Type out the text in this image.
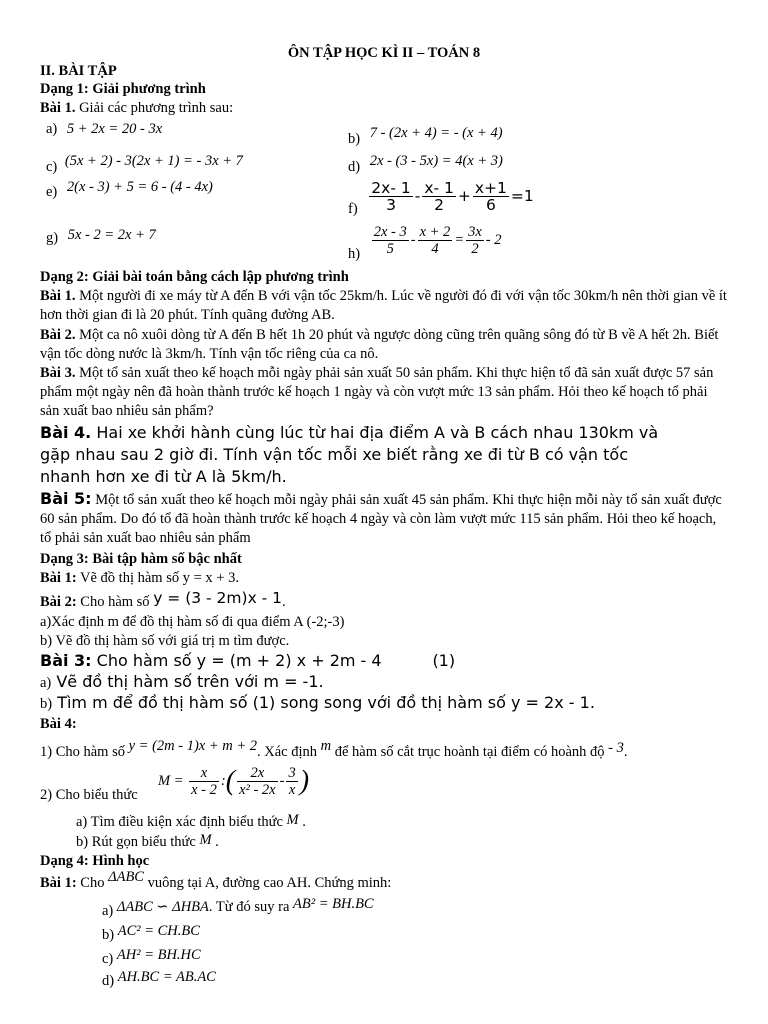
ÔN TẬP HỌC KÌ II – TOÁN 8
II. BÀI TẬP
Dạng 1: Giải phương trình
Bài 1. Giải các phương trình sau:
a) 5 + 2x = 20 - 3x
b) 7 - (2x + 4) = - (x + 4)
c) (5x + 2) - 3(2x + 1) = - 3x + 7	d) 2x - (3 - 5x) = 4(x + 3)
e) 2(x - 3) + 5 = 6 - (4 - 4x)
$f) \frac{2x- 1}{3} - \frac{x- 1}{2} + \frac{x+1}{6} =1$
g) 5x - 2 = 2x + 7
$h) \frac{2x - 3}{5} - \frac{x + 2}{4} = \frac{3x}{2} - 2$
Dạng 2: Giải bài toán bằng cách lập phương trình
Bài 1. Một người đi xe máy từ A đến B với vận tốc 25km/h. Lúc về người đó đi với vận tốc 30km/h nên thời gian về ít hơn thời gian đi là 20 phút. Tính quãng đường AB.
Bài 2. Một ca nô xuôi dòng từ A đến B hết 1h 20 phút và ngược dòng cũng trên quãng sông đó từ B về A hết 2h. Biết vận tốc dòng nước là 3km/h. Tính vận tốc riêng của ca nô.
Bài 3. Một tổ sản xuất theo kế hoạch mỗi ngày phải sản xuất 50 sản phẩm. Khi thực hiện tổ đã sản xuất được 57 sản phẩm một ngày nên đã hoàn thành trước kế hoạch 1 ngày và còn vượt mức 13 sản phẩm. Hỏi theo kế hoạch tổ phải sản xuất bao nhiêu sản phẩm?
Bài 4. Hai xe khởi hành cùng lúc từ hai địa điểm A và B cách nhau 130km và
gặp nhau sau 2 giờ đi. Tính vận tốc mỗi xe biết rằng xe đi từ B có vận tốc
nhanh hơn xe đi từ A là 5km/h.
Bài 5: Một tổ sản xuất theo kế hoạch mỗi ngày phải sản xuất 45 sản phẩm. Khi thực hiện mỗi này tổ sản xuất được 60 sản phẩm. Do đó tổ đã hoàn thành trước kế hoạch 4 ngày và còn làm vượt mức 115 sản phẩm. Hỏi theo kế hoạch, tổ phải sản xuất bao nhiêu sản phẩm
Dạng 3: Bài tập hàm số bậc nhất
Bài 1: Vẽ đồ thị hàm số y = x + 3.
Bài 2: Cho hàm số y = (3 - 2m)x - 1.
a)Xác định m để đồ thị hàm số đi qua điểm A (-2;-3)
b) Vẽ đồ thị hàm số với giá trị m tìm được.
Bài 3: Cho hàm số y = (m + 2) x + 2m - 4          (1)
a) Vẽ đồ thị hàm số trên với m = -1.
b) Tìm m để đồ thị hàm số (1) song song với đồ thị hàm số y = 2x - 1.
Bài 4:
1) Cho hàm số y = (2m - 1)x + m + 2. Xác định m để hàm số cắt trục hoành tại điểm có hoành độ - 3.
2) Cho biểu thức
$M = \frac{x}{x - 2}$ :( $\frac{2x}{\text{x² - 2x}} - \frac{3}{x}$ )
a) Tìm điều kiện xác định biểu thức M .
b) Rút gọn biểu thức M .
Dạng 4: Hình học
Bài 1: Cho ΔABC vuông tại A, đường cao AH. Chứng minh:
a) ΔABC ∽ ΔHBA. Từ đó suy ra AB² = BH.BC
b) AC² = CH.BC
c) AH² = BH.HC
d) AH.BC = AB.AC
